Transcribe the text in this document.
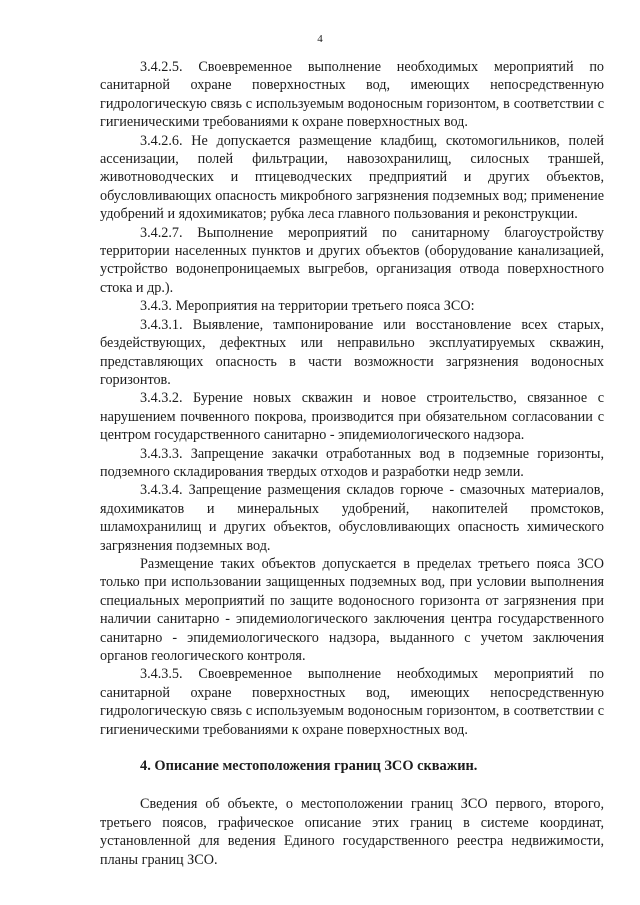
4

3.4.2.5. Своевременное выполнение необходимых мероприятий по санитарной охране поверхностных вод, имеющих непосредственную гидрологическую связь с используемым водоносным горизонтом, в соответствии с гигиеническими требованиями к охране поверхностных вод.

3.4.2.6. Не допускается размещение кладбищ, скотомогильников, полей ассенизации, полей фильтрации, навозохранилищ, силосных траншей, животноводческих и птицеводческих предприятий и других объектов, обусловливающих опасность микробного загрязнения подземных вод; применение удобрений и ядохимикатов; рубка леса главного пользования и реконструкции.

3.4.2.7. Выполнение мероприятий по санитарному благоустройству территории населенных пунктов и других объектов (оборудование канализацией, устройство водонепроницаемых выгребов, организация отвода поверхностного стока и др.).

3.4.3. Мероприятия на территории третьего пояса ЗСО:

3.4.3.1. Выявление, тампонирование или восстановление всех старых, бездействующих, дефектных или неправильно эксплуатируемых скважин, представляющих опасность в части возможности загрязнения водоносных горизонтов.

3.4.3.2. Бурение новых скважин и новое строительство, связанное с нарушением почвенного покрова, производится при обязательном согласовании с центром государственного санитарно - эпидемиологического надзора.

3.4.3.3. Запрещение закачки отработанных вод в подземные горизонты, подземного складирования твердых отходов и разработки недр земли.

3.4.3.4. Запрещение размещения складов горюче - смазочных материалов, ядохимикатов и минеральных удобрений, накопителей промстоков, шламохранилищ и других объектов, обусловливающих опасность химического загрязнения подземных вод.

Размещение таких объектов допускается в пределах третьего пояса ЗСО только при использовании защищенных подземных вод, при условии выполнения специальных мероприятий по защите водоносного горизонта от загрязнения при наличии санитарно - эпидемиологического заключения центра государственного санитарно - эпидемиологического надзора, выданного с учетом заключения органов геологического контроля.

3.4.3.5. Своевременное выполнение необходимых мероприятий по санитарной охране поверхностных вод, имеющих непосредственную гидрологическую связь с используемым водоносным горизонтом, в соответствии с гигиеническими требованиями к охране поверхностных вод.

4. Описание местоположения границ ЗСО скважин.

Сведения об объекте, о местоположении границ ЗСО первого, второго, третьего поясов, графическое описание этих границ в системе координат, установленной для ведения Единого государственного реестра недвижимости, планы границ ЗСО.
